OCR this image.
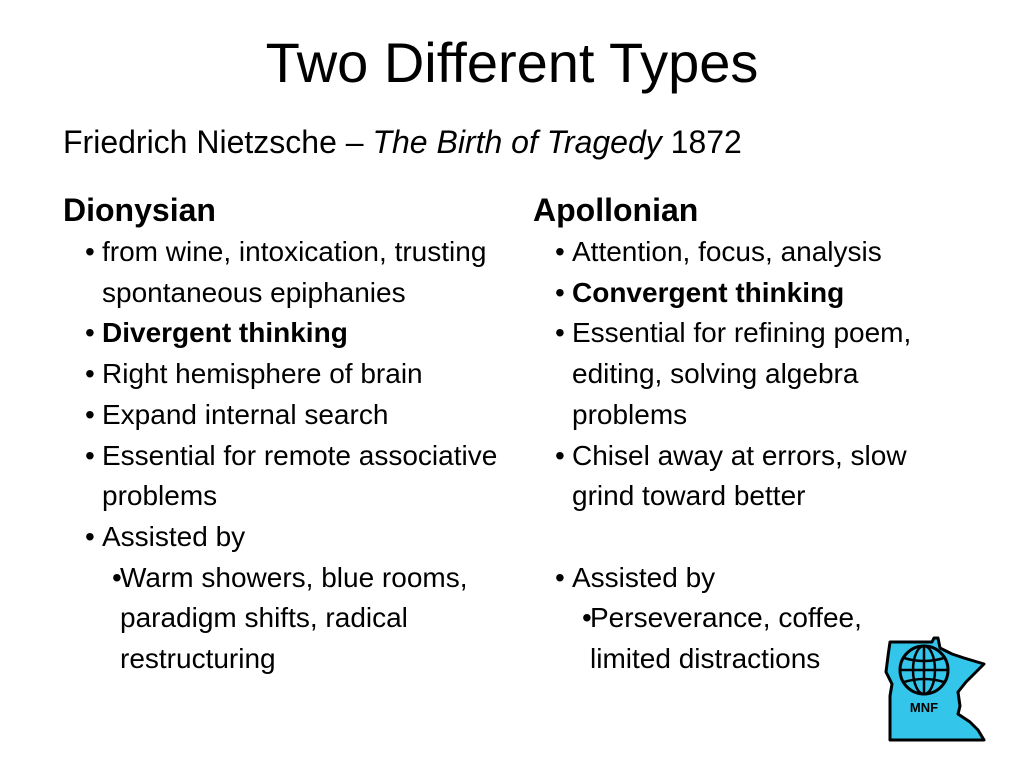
Two Different Types
Friedrich Nietzsche – The Birth of Tragedy 1872
Dionysian
• from wine, intoxication, trusting spontaneous epiphanies
• Divergent thinking
• Right hemisphere of brain
• Expand internal search
• Essential for remote associative problems
• Assisted by
•
Warm showers, blue rooms, paradigm shifts, radical restructuring
Apollonian
• Attention, focus, analysis
• Convergent thinking
• Essential for refining poem, editing, solving algebra problems
• Chisel away at errors, slow grind toward better
• Assisted by
•
Perseverance, coffee, limited distractions
MNF
